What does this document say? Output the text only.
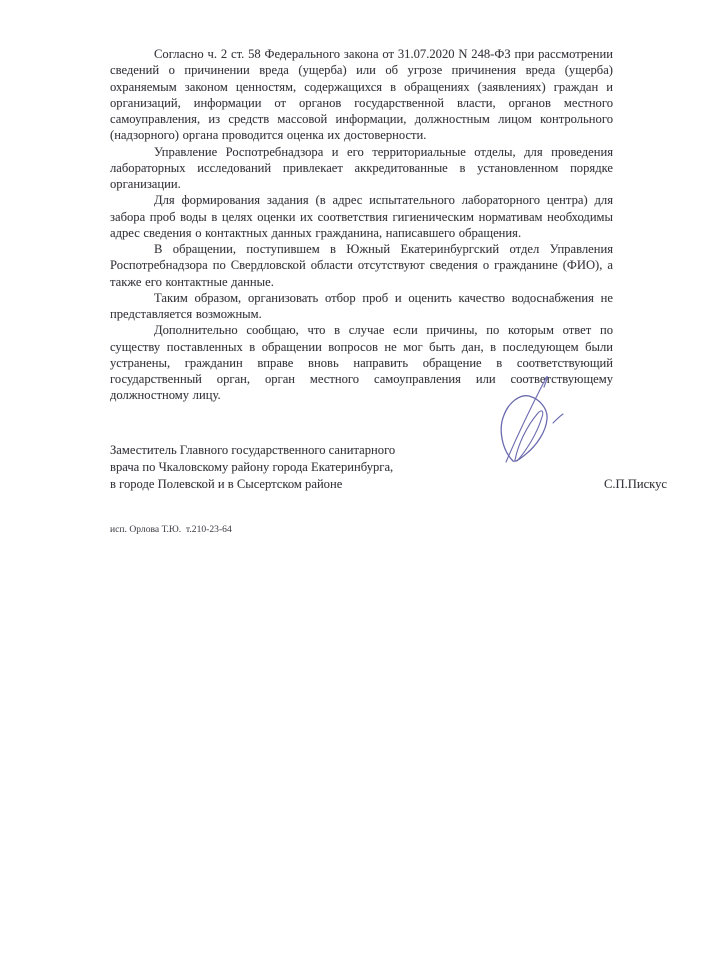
Согласно ч. 2 ст. 58 Федерального закона от 31.07.2020 N 248-ФЗ при рассмотрении сведений о причинении вреда (ущерба) или об угрозе причинения вреда (ущерба) охраняемым законом ценностям, содержащихся в обращениях (заявлениях) граждан и организаций, информации от органов государственной власти, органов местного самоуправления, из средств массовой информации, должностным лицом контрольного (надзорного) органа проводится оценка их достоверности.

Управление Роспотребнадзора и его территориальные отделы, для проведения лабораторных исследований привлекает аккредитованные в установленном порядке организации.

Для формирования задания (в адрес испытательного лабораторного центра) для забора проб воды в целях оценки их соответствия гигиеническим нормативам необходимы адрес сведения о контактных данных гражданина, написавшего обращения.

В обращении, поступившем в Южный Екатеринбургский отдел Управления Роспотребнадзора по Свердловской области отсутствуют сведения о гражданине (ФИО), а также его контактные данные.

Таким образом, организовать отбор проб и оценить качество водоснабжения не представляется возможным.

Дополнительно сообщаю, что в случае если причины, по которым ответ по существу поставленных в обращении вопросов не мог быть дан, в последующем были устранены, гражданин вправе вновь направить обращение в соответствующий государственный орган, орган местного самоуправления или соответствующему должностному лицу.

Заместитель Главного государственного санитарного
врача по Чкаловскому району города Екатеринбурга,
в городе Полевской и в Сысертском районе	С.П.Пискус
исп. Орлова Т.Ю.  т.210-23-64
